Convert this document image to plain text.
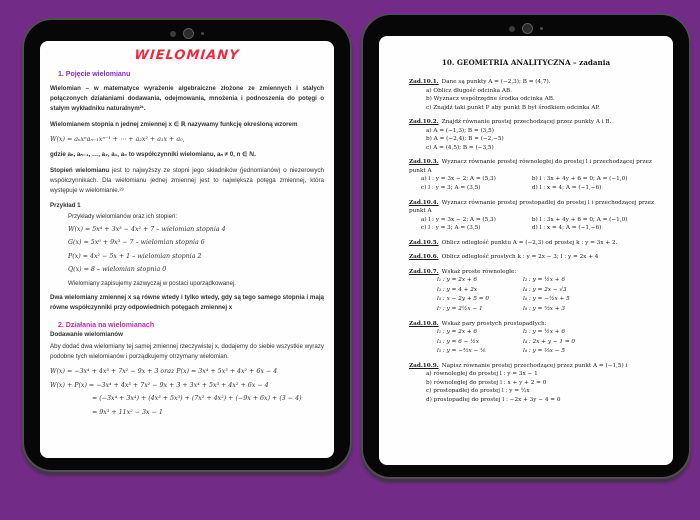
WIELOMIANY
1. Pojęcie wielomianu

Wielomian – w matematyce wyrażenie algebraiczne złożone ze zmiennych i stałych połączonych działaniami dodawania, odejmowania, mnożenia i podnoszenia do potęgi o stałym wykładniku naturalnym²¹.

Wielomianem stopnia n jednej zmiennej x ∈ ℝ nazywamy funkcję określoną wzorem

W(x) = aₙxⁿaₙ₋₁xⁿ⁻¹ + ⋯ + a₂x² + a₁x + a₀,

gdzie aₙ, aₙ₋₁, …, a₂, a₁, a₀ to współczynniki wielomianu, aₙ ≠ 0, n ∈ ℕ.

Stopień wielomianu jest to najwyższy ze stopni jego składników (jednomianów) o niezerowych współczynnikach. Dla wielomianu jednej zmiennej jest to największa potęga zmiennej, która występuje w wielomianie.²³

Przykład 1

Przykłady wielomianów oraz ich stopień:

W(x) = 5x⁴ + 3x³ − 4x² + 7 – wielomian stopnia 4

G(x) = 5x⁶ + 9x³ − 7 – wielomian stopnia 6

P(x) = 4x² − 5x + 1 – wielomian stopnia 2

Q(x) = 8 – wielomian stopnia 0

Wielomiany zapisujemy zazwyczaj w postaci uporządkowanej.

Dwa wielomiany zmiennej x są równe wtedy i tylko wtedy, gdy są tego samego stopnia i mają równe współczynniki przy odpowiednich potęgach zmiennej x

2. Działania na wielomianach
Dodawanie wielomianów

Aby dodać dwa wielomiany tej samej zmiennej rzeczywistej x, dodajemy do siebie wszystkie wyrazy podobne tych wielomianów i porządkujemy otrzymany wielomian.

W(x) = −3x⁴ + 4x³ + 7x² − 9x + 3 oraz P(x) = 3x⁴ + 5x³ + 4x² + 6x − 4

W(x) + P(x) = −3x⁴ + 4x³ + 7x² − 9x + 3 + 3x⁴ + 5x³ + 4x² + 6x − 4

= (−3x⁴ + 3x⁴) + (4x³ + 5x³) + (7x² + 4x²) + (−9x + 6x) + (3 − 4)

= 9x³ + 11x² − 3x − 1

10. GEOMETRIA ANALITYCZNA – zadania
Zad.10.1. Dane są punkty A = (−2,3); B = (4,7).
a) Oblicz długość odcinka AB.
b) Wyznacz współrzędne środka odcinka AB.
c) Znajdź taki punkt P aby punkt B był środkiem odcinka AP.
Zad.10.2. Znajdź równanie prostej przechodzącej przez punkty A i B.
a) A = (−1,3); B = (3,5)
b) A = (−2,4); B = (−2,−5)
c) A = (4,5); B = (−3,5)
Zad.10.3. Wyznacz równanie prostej równoległej do prostej l i przechodzącej przez punkt A
a) l : y = 3x − 2; A = (5,3)	b) l : 3x + 4y + 6 = 0; A = (−1,0)
c) l : y = 3; A = (3,5)	d) l : x = 4; A = (−1,−6)
Zad.10.4. Wyznacz równanie prostej prostopadłej do prostej l i przechodzącej przez punkt A
a) l : y = 3x − 2; A = (5,3)	b) l : 3x + 4y + 6 = 0; A = (−1,0)
c) l : y = 3; A = (3,5)	d) l : x = 4; A = (−1,−6)
Zad.10.5. Oblicz odległość punktu A = (−2,3) od prostej k : y = 3x + 2.
Zad.10.6. Oblicz odległość prostych k : y = 2x − 3; l : y = 2x + 4
Zad.10.7. Wskaż proste równoległe:
l₁ : y = 2x + 6	l₂ : y = ½x + 6
l₃ : y = 4 + 2x	l₄ : y = 2x − √3
l₅ : x − 2y + 5 = 0	l₆ : y = −½x + 5
l₇ : y = 2½x − 1	l₈ : y = ⁵⁄₂x + 3
Zad.10.8. Wskaż pary prostych prostopadłych:
l₁ : y = 2x + 6	l₂ : y = ½x + 6
l₃ : y = 6 − ½x	l₄ : 2x + y − 1 = 0
l₅ : y = −³⁄₂x − ⅙	l₆ : y = ⅔x − 5
Zad.10.9. Napisz równanie prostej przechodzącej przez punkt A = (−1,5) i
a) równoległej do prostej l : y = 3x − 1
b) równoległej do prostej l : x + y + 2 = 0
c) prostopadłej do prostej l : y = ½x
d) prostopadłej do prostej l : −2x + 3y − 4 = 0
